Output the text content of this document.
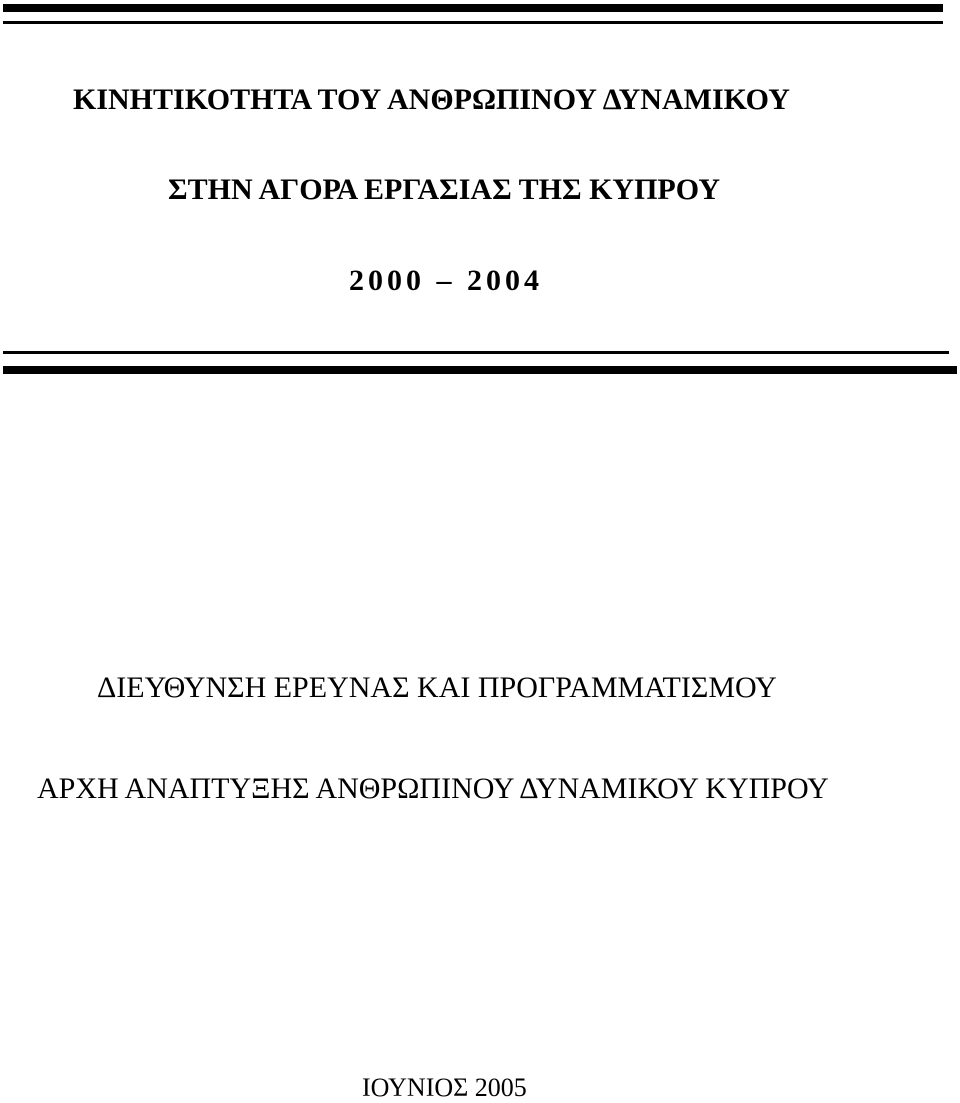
ΚΙΝΗΤΙΚΟΤΗΤΑ ΤΟΥ ΑΝΘΡΩΠΙΝΟΥ ΔΥΝΑΜΙΚΟΥ
ΣΤΗΝ ΑΓΟΡΑ ΕΡΓΑΣΙΑΣ ΤΗΣ ΚΥΠΡΟΥ
2000 – 2004
ΔΙΕΥΘΥΝΣΗ ΕΡΕΥΝΑΣ ΚΑΙ ΠΡΟΓΡΑΜΜΑΤΙΣΜΟΥ
ΑΡΧΗ ΑΝΑΠΤΥΞΗΣ ΑΝΘΡΩΠΙΝΟΥ ΔΥΝΑΜΙΚΟΥ ΚΥΠΡΟΥ
ΙΟΥΝΙΟΣ 2005
